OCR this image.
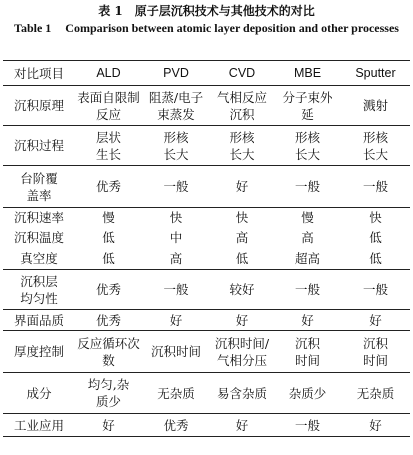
表 1　原子层沉积技术与其他技术的对比
Table 1 Comparison between atomic layer deposition and other processes
对比项目	ALD	PVD	CVD	MBE	Sputter
沉积原理	表面自限制反应	阻蒸/电子束蒸发	气相反应沉积	分子束外延	溅射
沉积过程	层状生长	形核长大	形核长大	形核长大	形核长大

台阶覆盖率	优秀	一般	好	一般	一般
沉积速率	慢	快	快	慢	快
沉积温度	低	中	高	高	低
真空度	低	高	低	超高	低

沉积层均匀性	优秀	一般	较好	一般	一般
界面品质	优秀	好	好	好	好
厚度控制	反应循环次数	沉积时间	沉积时间/气相分压	沉积时间	沉积时间

成分	均匀,杂质少	无杂质	易含杂质	杂质少	无杂质
工业应用	好	优秀	好	一般	好
